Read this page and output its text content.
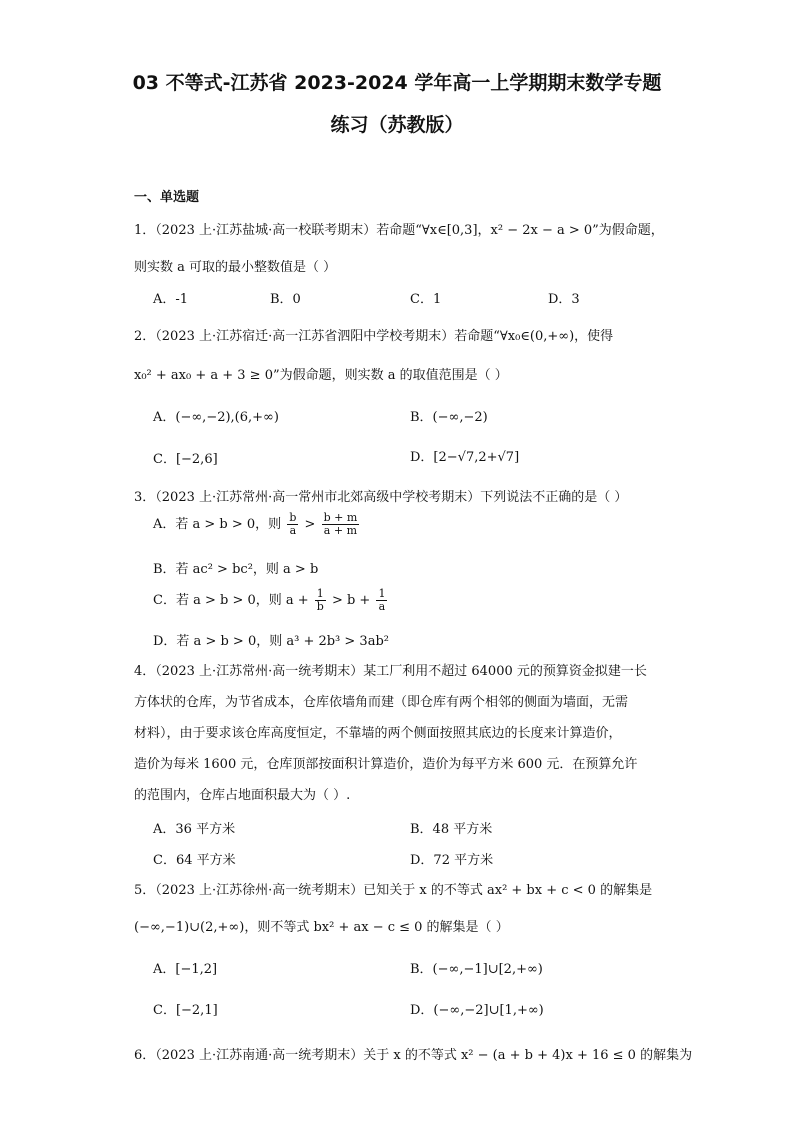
03 不等式-江苏省 2023-2024 学年高一上学期期末数学专题
练习（苏教版）
一、单选题
1．（2023 上·江苏盐城·高一校联考期末）若命题“∀x∈[0,3]，x² − 2x − a > 0”为假命题，
则实数 a 可取的最小整数值是（ ）
A．-1	B．0	C．1	D．3
2．（2023 上·江苏宿迁·高一江苏省泗阳中学校考期末）若命题“∀x₀∈(0,+∞)，使得
x₀² + ax₀ + a + 3 ≥ 0”为假命题，则实数 a 的取值范围是（ ）
A．(−∞,−2),(6,+∞)	B．(−∞,−2)
C．[−2,6]	D．[2−√7,2+√7]
3．（2023 上·江苏常州·高一常州市北郊高级中学校考期末）下列说法不正确的是（ ）
A．若 a > b > 0，则 $\frac{b}{a} > \frac{b + m}{a + m}$
B．若 ac² > bc²，则 a > b
C．若 a > b > 0，则 $a + \frac{1}{b} > b + \frac{1}{a}$
D．若 a > b > 0，则 a³ + 2b³ > 3ab²
4．（2023 上·江苏常州·高一统考期末）某工厂利用不超过 64000 元的预算资金拟建一长
方体状的仓库，为节省成本，仓库依墙角而建（即仓库有两个相邻的侧面为墙面，无需
材料），由于要求该仓库高度恒定，不靠墙的两个侧面按照其底边的长度来计算造价，
造价为每米 1600 元，仓库顶部按面积计算造价，造价为每平方米 600 元．在预算允许
的范围内，仓库占地面积最大为（ ）.
A．36 平方米	B．48 平方米
C．64 平方米	D．72 平方米
5．（2023 上·江苏徐州·高一统考期末）已知关于 x 的不等式 ax² + bx + c < 0 的解集是
(−∞,−1)∪(2,+∞)，则不等式 bx² + ax − c ≤ 0 的解集是（ ）
A．[−1,2]	B．(−∞,−1]∪[2,+∞)
C．[−2,1]	D．(−∞,−2]∪[1,+∞)
6．（2023 上·江苏南通·高一统考期末）关于 x 的不等式 x² − (a + b + 4)x + 16 ≤ 0 的解集为
